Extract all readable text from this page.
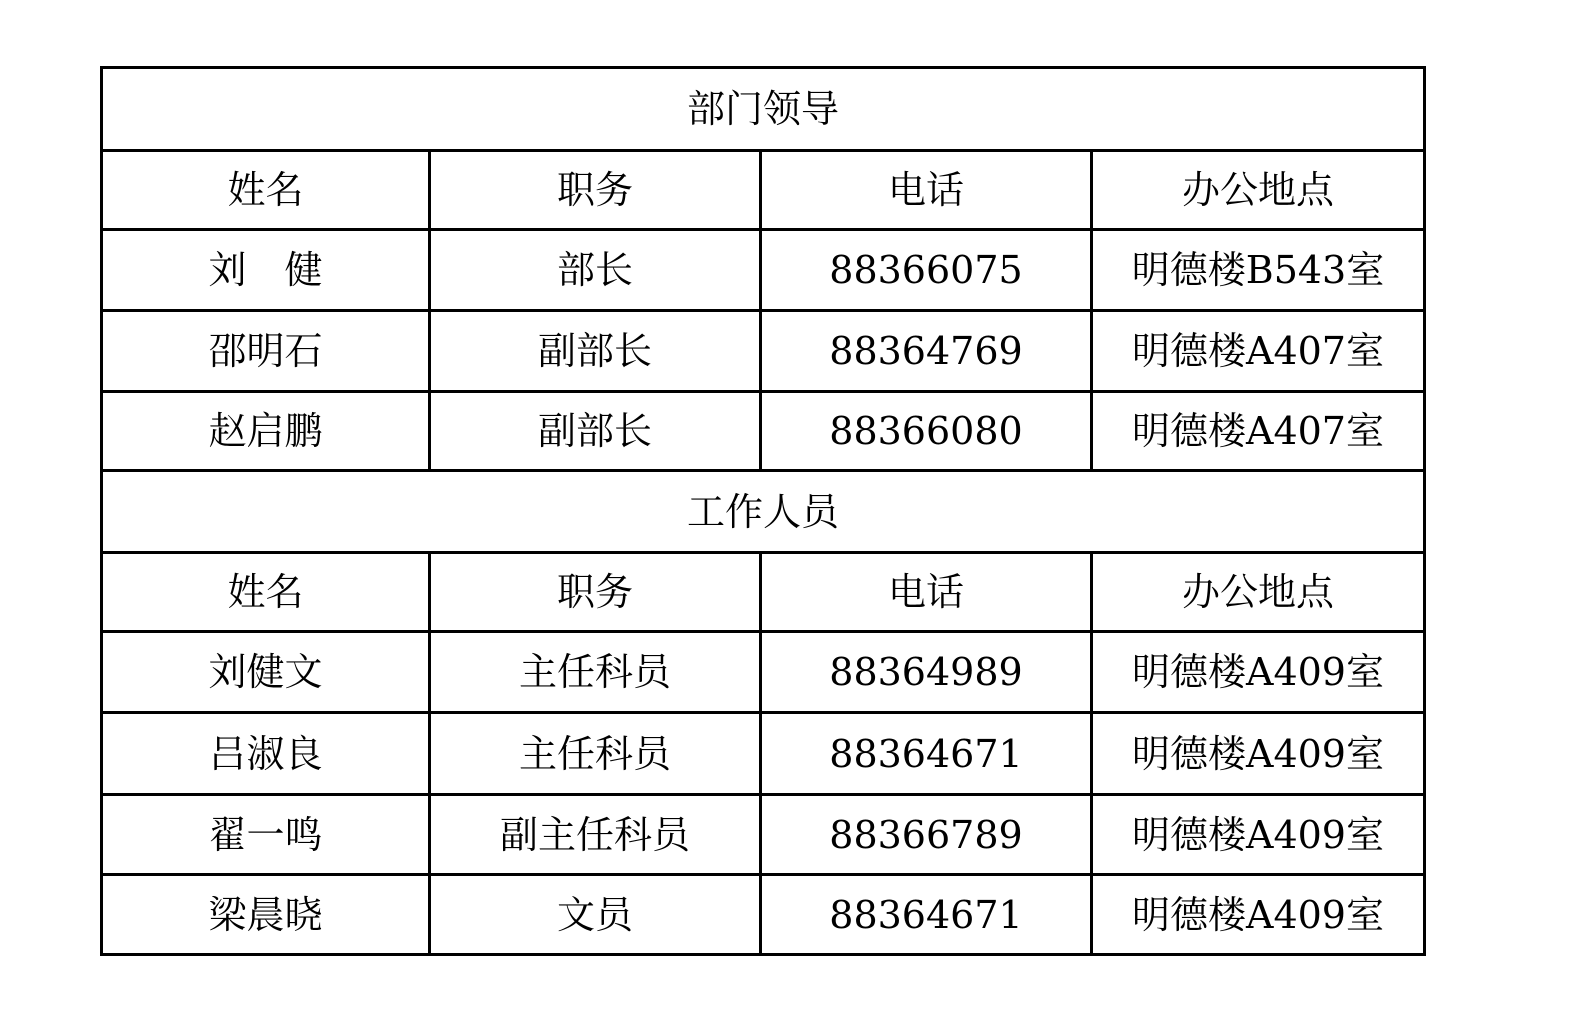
部门领导			
姓名	职务	电话	办公地点
刘　健	部长	88366075	明德楼B543室
邵明石	副部长	88364769	明德楼A407室
赵启鹏	副部长	88366080	明德楼A407室
工作人员			
姓名	职务	电话	办公地点
刘健文	主任科员	88364989	明德楼A409室
吕淑良	主任科员	88364671	明德楼A409室
翟一鸣	副主任科员	88366789	明德楼A409室
梁晨晓	文员	88364671	明德楼A409室
